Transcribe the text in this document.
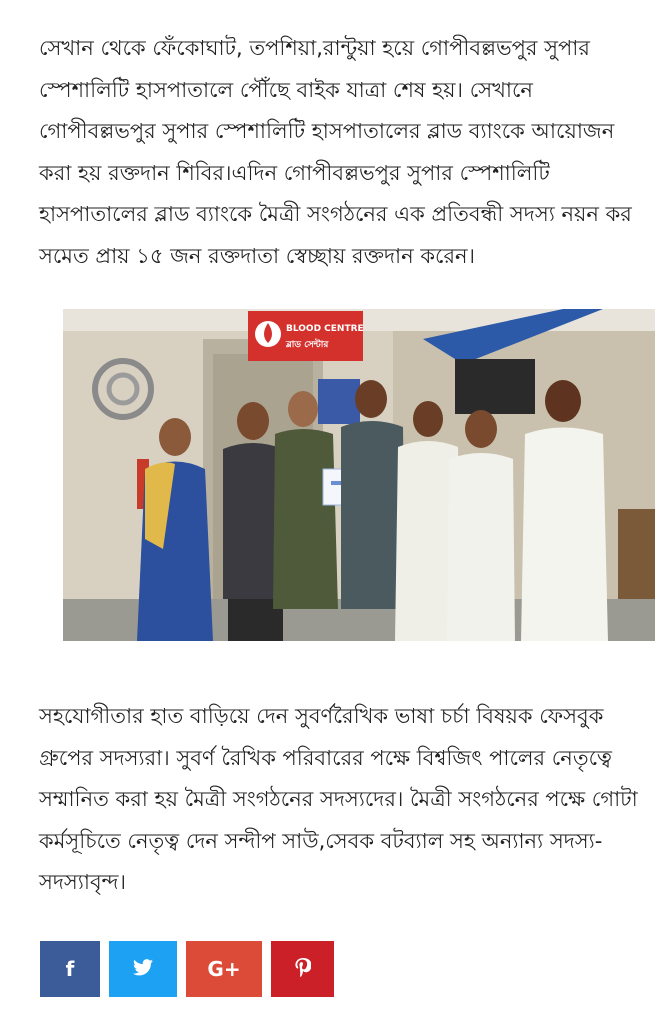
সেখান থেকে ফেঁকোঘাট, তপশিয়া,রান্টুয়া হয়ে গোপীবল্লভপুর সুপার স্পেশালিটি হাসপাতালে পৌঁছে বাইক যাত্রা শেষ হয়। সেখানে গোপীবল্লভপুর সুপার স্পেশালিটি হাসপাতালের ব্লাড ব্যাংকে আয়োজন করা হয় রক্তদান শিবির।এদিন গোপীবল্লভপুর সুপার স্পেশালিটি হাসপাতালের ব্লাড ব্যাংকে মৈত্রী সংগঠনের এক প্রতিবন্ধী সদস্য নয়ন কর সমেত প্রায় ১৫ জন রক্তদাতা স্বেচ্ছায় রক্তদান করেন।

BLOOD CENTRE
ব্লাড সেন্টার

সহযোগীতার হাত বাড়িয়ে দেন সুবর্ণরৈখিক ভাষা চর্চা বিষয়ক ফেসবুক গ্রুপের সদস্যরা। সুবর্ণ রৈখিক পরিবারের পক্ষে বিশ্বজিৎ পালের নেতৃত্বে সম্মানিত করা হয় মৈত্রী সংগঠনের সদস্যদের। মৈত্রী সংগঠনের পক্ষে গোটা কর্মসূচিতে নেতৃত্ব দেন সন্দীপ সাউ,সেবক বটব্যাল সহ অন্যান্য সদস্য-সদস্যাবৃন্দ।

f	G+
